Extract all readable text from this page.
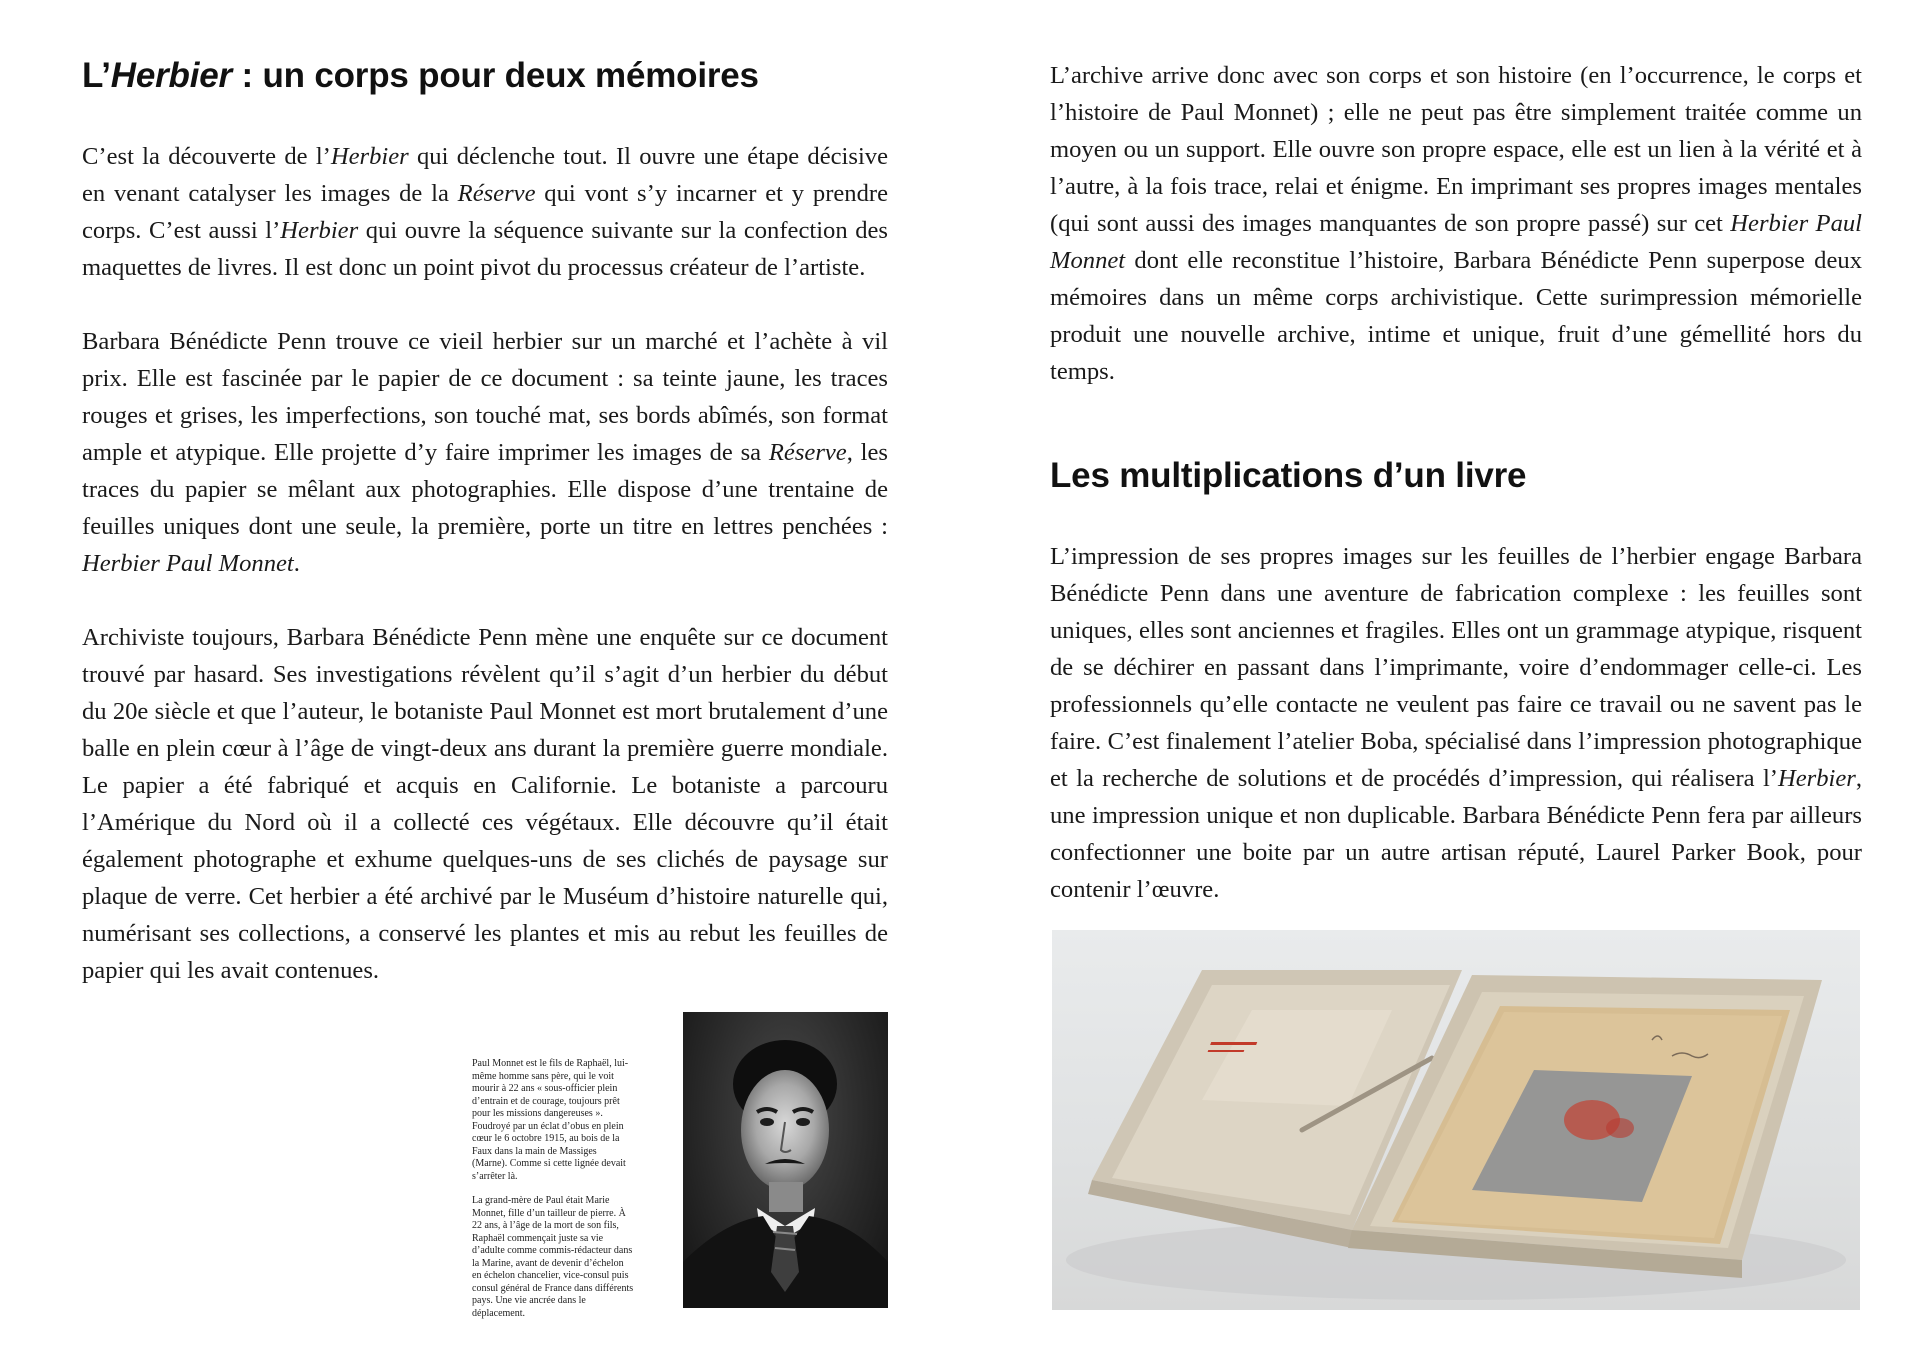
L’Herbier : un corps pour deux mémoires

C’est la découverte de l’Herbier qui déclenche tout. Il ouvre une étape décisive en venant catalyser les images de la Réserve qui vont s’y incarner et y prendre corps. C’est aussi l’Herbier qui ouvre la séquence suivante sur la confection des maquettes de livres. Il est donc un point pivot du processus créateur de l’artiste.

Barbara Bénédicte Penn trouve ce vieil herbier sur un marché et l’achète à vil prix. Elle est fascinée par le papier de ce document : sa teinte jaune, les traces rouges et grises, les imperfections, son touché mat, ses bords abîmés, son format ample et atypique. Elle projette d’y faire imprimer les images de sa Réserve, les traces du papier se mêlant aux photographies. Elle dispose d’une trentaine de feuilles uniques dont une seule, la première, porte un titre en lettres penchées : Herbier Paul Monnet.

Archiviste toujours, Barbara Bénédicte Penn mène une enquête sur ce document trouvé par hasard. Ses investigations révèlent qu’il s’agit d’un herbier du début du 20e siècle et que l’auteur, le botaniste Paul Monnet est mort brutalement d’une balle en plein cœur à l’âge de vingt-deux ans durant la première guerre mondiale. Le papier a été fabriqué et acquis en Californie. Le botaniste a parcouru l’Amérique du Nord où il a collecté ces végétaux. Elle découvre qu’il était également photographe et exhume quelques-uns de ses clichés de paysage sur plaque de verre. Cet herbier a été archivé par le Muséum d’histoire naturelle qui, numérisant ses collections, a conservé les plantes et mis au rebut les feuilles de papier qui les avait contenues.

Paul Monnet est le fils de Raphaël, lui-même homme sans père, qui le voit mourir à 22 ans « sous-officier plein d’entrain et de courage, toujours prêt pour les missions dangereuses ». Foudroyé par un éclat d’obus en plein cœur le 6 octobre 1915, au bois de la Faux dans la main de Massiges (Marne). Comme si cette lignée devait s’arrêter là.

La grand-mère de Paul était Marie Monnet, fille d’un tailleur de pierre. À 22 ans, à l’âge de la mort de son fils, Raphaël commençait juste sa vie d’adulte comme commis-rédacteur dans la Marine, avant de devenir d’échelon en échelon chancelier, vice-consul puis consul général de France dans différents pays. Une vie ancrée dans le déplacement.

L’archive arrive donc avec son corps et son histoire (en l’occurrence, le corps et l’histoire de Paul Monnet) ; elle ne peut pas être simplement traitée comme un moyen ou un support. Elle ouvre son propre espace, elle est un lien à la vérité et à l’autre, à la fois trace, relai et énigme. En imprimant ses propres images mentales (qui sont aussi des images manquantes de son propre passé) sur cet Herbier Paul Monnet dont elle reconstitue l’histoire, Barbara Bénédicte Penn superpose deux mémoires dans un même corps archivistique. Cette surimpression mémorielle produit une nouvelle archive, intime et unique, fruit d’une gémellité hors du temps.

Les multiplications d’un livre

L’impression de ses propres images sur les feuilles de l’herbier engage Barbara Bénédicte Penn dans une aventure de fabrication complexe : les feuilles sont uniques, elles sont anciennes et fragiles. Elles ont un grammage atypique, risquent de se déchirer en passant dans l’imprimante, voire d’endommager celle-ci. Les professionnels qu’elle contacte ne veulent pas faire ce travail ou ne savent pas le faire. C’est finalement l’atelier Boba, spécialisé dans l’impression photographique et la recherche de solutions et de procédés d’impression, qui réalisera l’Herbier, une impression unique et non duplicable. Barbara Bénédicte Penn fera par ailleurs confectionner une boite par un autre artisan réputé, Laurel Parker Book, pour contenir l’œuvre.
